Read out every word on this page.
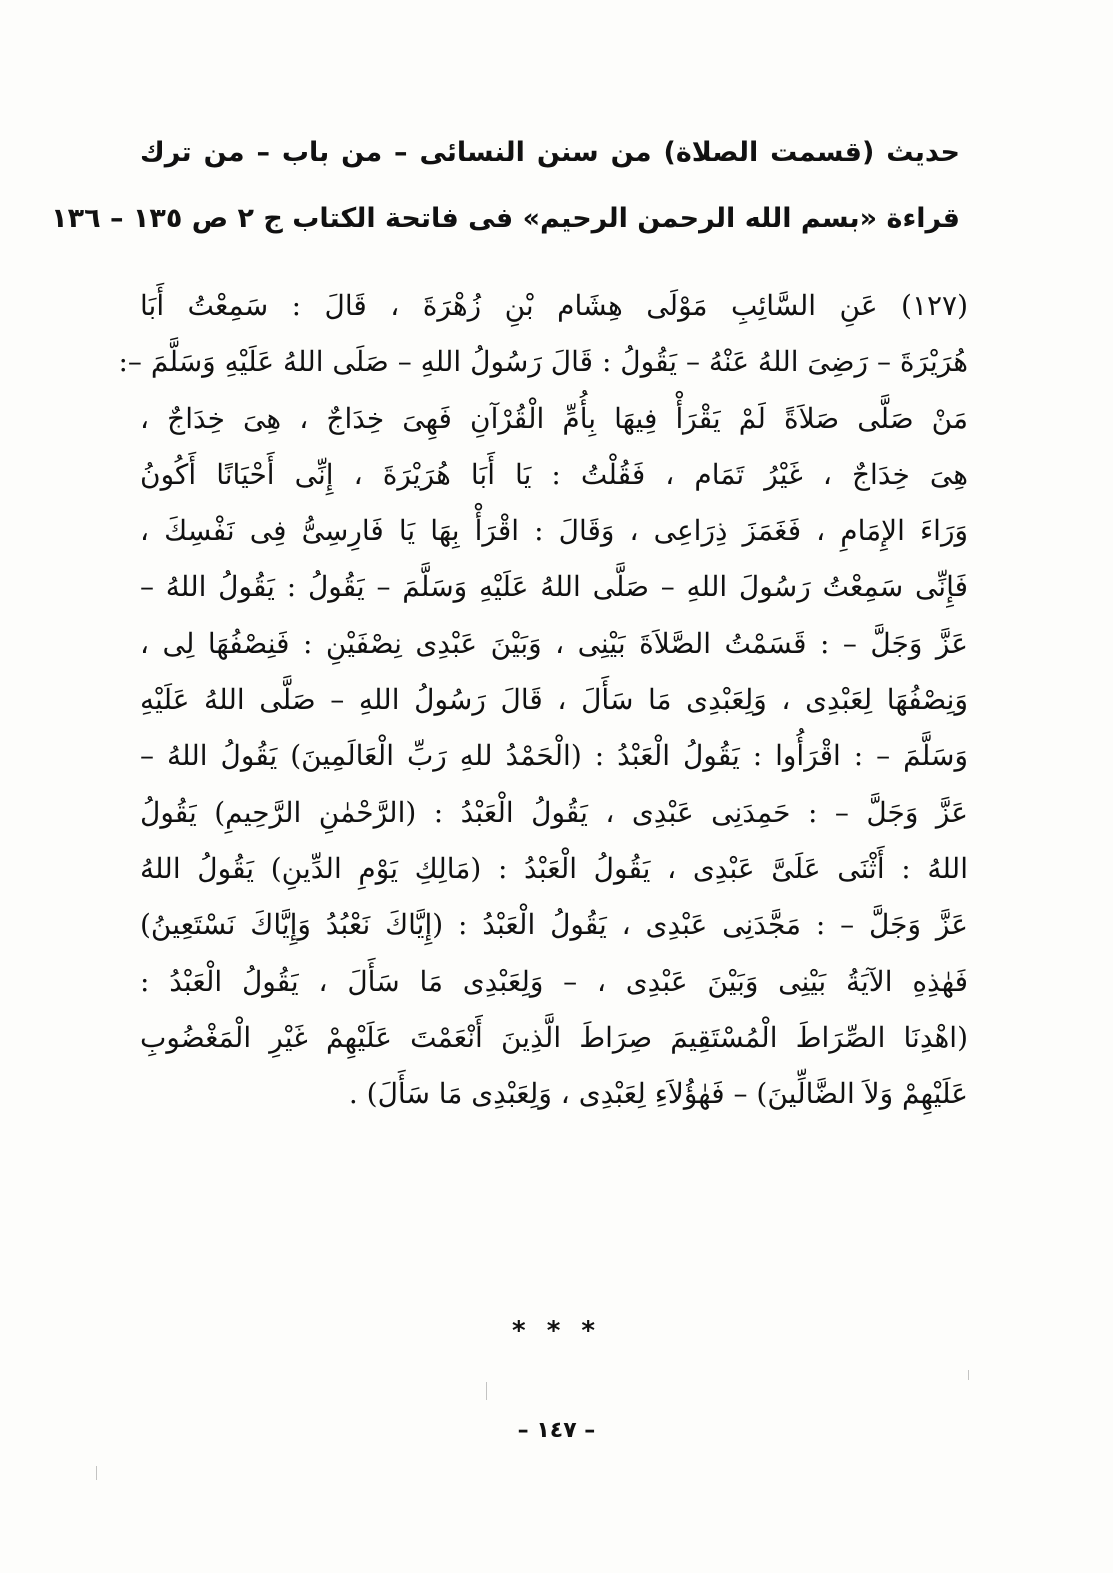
حديث (قسمت الصلاة) من سنن النسائى – من باب – من ترك
قراءة «بسم الله الرحمن الرحيم» فى فاتحة الكتاب ج ٢ ص ١٣٥ – ١٣٦
(١٢٧) عَنِ السَّائِبِ مَوْلَى هِشَام بْنِ زُهْرَةَ ، قَالَ : سَمِعْتُ أَبَا
هُرَيْرَةَ – رَضِىَ اللهُ عَنْهُ – يَقُولُ : قَالَ رَسُولُ اللهِ – صَلَى اللهُ عَلَيْهِ وَسَلَّمَ –:
مَنْ صَلَّى صَلاَةً لَمْ يَقْرَأْ فِيهَا بِأُمِّ الْقُرْآنِ فَهِىَ خِدَاجٌ ، هِىَ خِدَاجٌ ،
هِىَ خِدَاجٌ ، غَيْرُ تَمَام ، فَقُلْتُ : يَا أَبَا هُرَيْرَةَ ، إِنِّى أَحْيَانًا أَكُونُ
وَرَاءَ الإِمَامِ ، فَغَمَزَ ذِرَاعِى ، وَقَالَ : اقْرَأْ بِهَا يَا فَارِسِىُّ فِى نَفْسِكَ ،
فَإِنِّى سَمِعْتُ رَسُولَ اللهِ – صَلَّى اللهُ عَلَيْهِ وَسَلَّمَ – يَقُولُ : يَقُولُ اللهُ –
عَزَّ وَجَلَّ – : قَسَمْتُ الصَّلاَةَ بَيْنِى ، وَبَيْنَ عَبْدِى نِصْفَيْنِ : فَنِصْفُهَا لِى ،
وَنِصْفُهَا لِعَبْدِى ، وَلِعَبْدِى مَا سَأَلَ ، قَالَ رَسُولُ اللهِ – صَلَّى اللهُ عَلَيْهِ
وَسَلَّمَ – : اقْرَأُوا : يَقُولُ الْعَبْدُ : (الْحَمْدُ للهِ رَبِّ الْعَالَمِينَ) يَقُولُ اللهُ –
عَزَّ وَجَلَّ – : حَمِدَنِى عَبْدِى ، يَقُولُ الْعَبْدُ : (الرَّحْمٰنِ الرَّحِيمِ) يَقُولُ
اللهُ : أَثْنَى عَلَىَّ عَبْدِى ، يَقُولُ الْعَبْدُ : (مَالِكِ يَوْمِ الدِّينِ) يَقُولُ اللهُ
عَزَّ وَجَلَّ – : مَجَّدَنِى عَبْدِى ، يَقُولُ الْعَبْدُ : (إِيَّاكَ نَعْبُدُ وَإِيَّاكَ نَسْتَعِينُ)
فَهٰذِهِ الآيَةُ بَيْنِى وَبَيْنَ عَبْدِى ، – وَلِعَبْدِى مَا سَأَلَ ، يَقُولُ الْعَبْدُ :
(اهْدِنَا الصِّرَاطَ الْمُسْتَقِيمَ صِرَاطَ الَّذِينَ أَنْعَمْتَ عَلَيْهِمْ غَيْرِ الْمَغْضُوبِ
عَلَيْهِمْ وَلاَ الضَّالِّينَ) – فَهٰؤُلاَءِ لِعَبْدِى ، وَلِعَبْدِى مَا سَأَلَ) .
* * *
– ١٤٧ –
